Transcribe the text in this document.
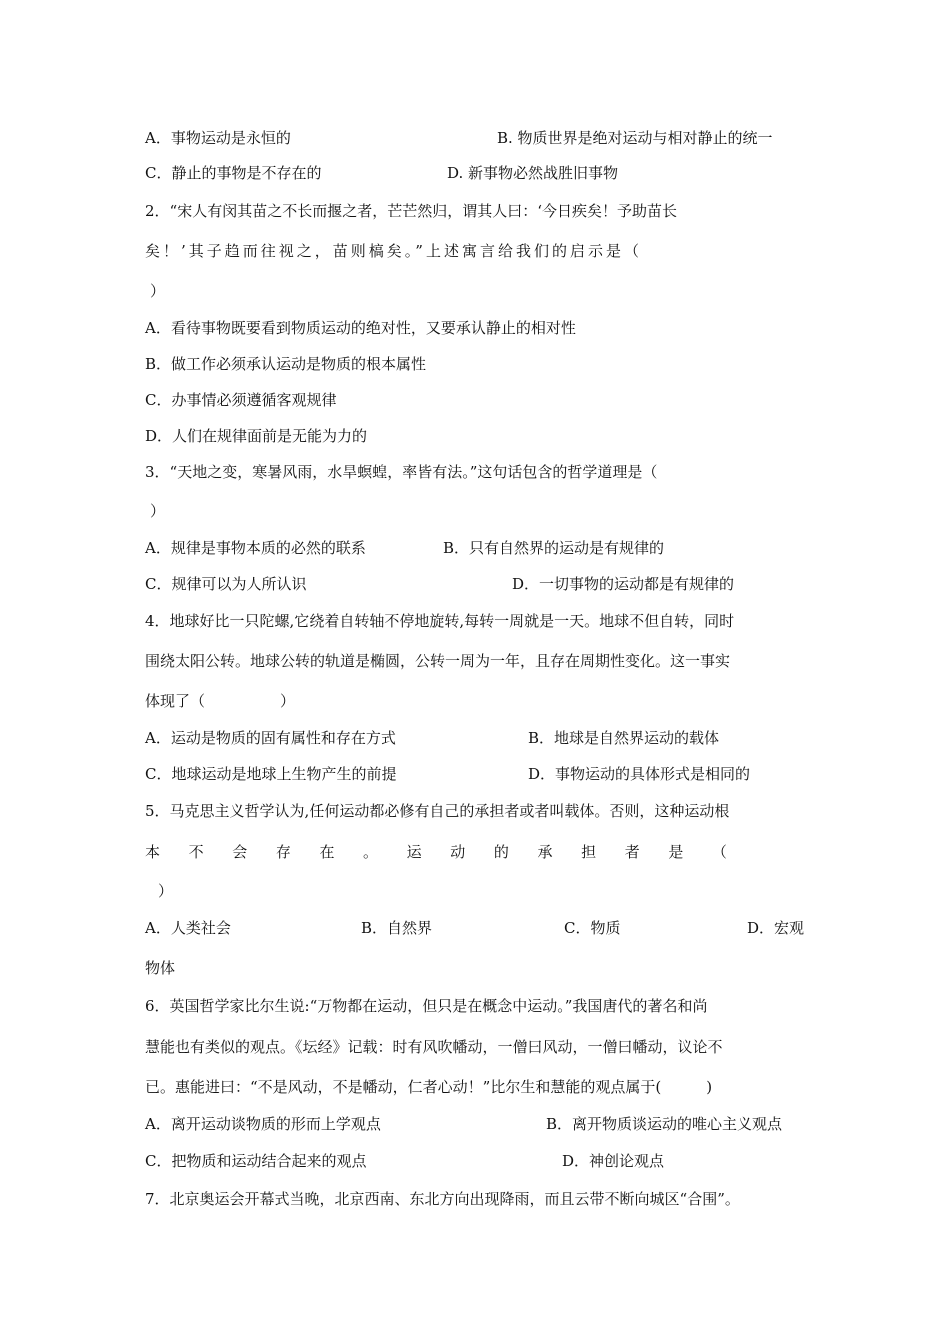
A．事物运动是永恒的	B. 物质世界是绝对运动与相对静止的统一
C．静止的事物是不存在的	D. 新事物必然战胜旧事物
2．“宋人有闵其苗之不长而揠之者，芒芒然归，谓其人曰：‘今日疾矣！予助苗长
矣！’其子趋而往视之，苗则槁矣。”上述寓言给我们的启示是（
）
A．看待事物既要看到物质运动的绝对性，又要承认静止的相对性
B．做工作必须承认运动是物质的根本属性
C．办事情必须遵循客观规律
D．人们在规律面前是无能为力的
3．“天地之变，寒暑风雨，水旱螟蝗，率皆有法。”这句话包含的哲学道理是（
）
A．规律是事物本质的必然的联系	B．只有自然界的运动是有规律的
C．规律可以为人所认识	D．一切事物的运动都是有规律的
4．地球好比一只陀螺,它绕着自转轴不停地旋转,每转一周就是一天。地球不但自转，同时
围绕太阳公转。地球公转的轨道是椭圆，公转一周为一年，且存在周期性变化。这一事实
体现了（　　　　　）
A．运动是物质的固有属性和存在方式	B．地球是自然界运动的载体
C．地球运动是地球上生物产生的前提	D．事物运动的具体形式是相同的
5．马克思主义哲学认为,任何运动都必修有自己的承担者或者叫载体。否则，这种运动根
本 不 会 存 在 。 运 动 的 承 担 者 是 （
）
A．人类社会	B．自然界	C．物质	D．宏观
物体
6．英国哲学家比尔生说:“万物都在运动，但只是在概念中运动。”我国唐代的著名和尚
慧能也有类似的观点。《坛经》记载：时有风吹幡动，一僧曰风动，一僧曰幡动，议论不
已。惠能进曰：“不是风动，不是幡动，仁者心动！”比尔生和慧能的观点属于(　　　)
A．离开运动谈物质的形而上学观点	B．离开物质谈运动的唯心主义观点
C．把物质和运动结合起来的观点	D．神创论观点
7．北京奥运会开幕式当晚，北京西南、东北方向出现降雨，而且云带不断向城区“合围”。
